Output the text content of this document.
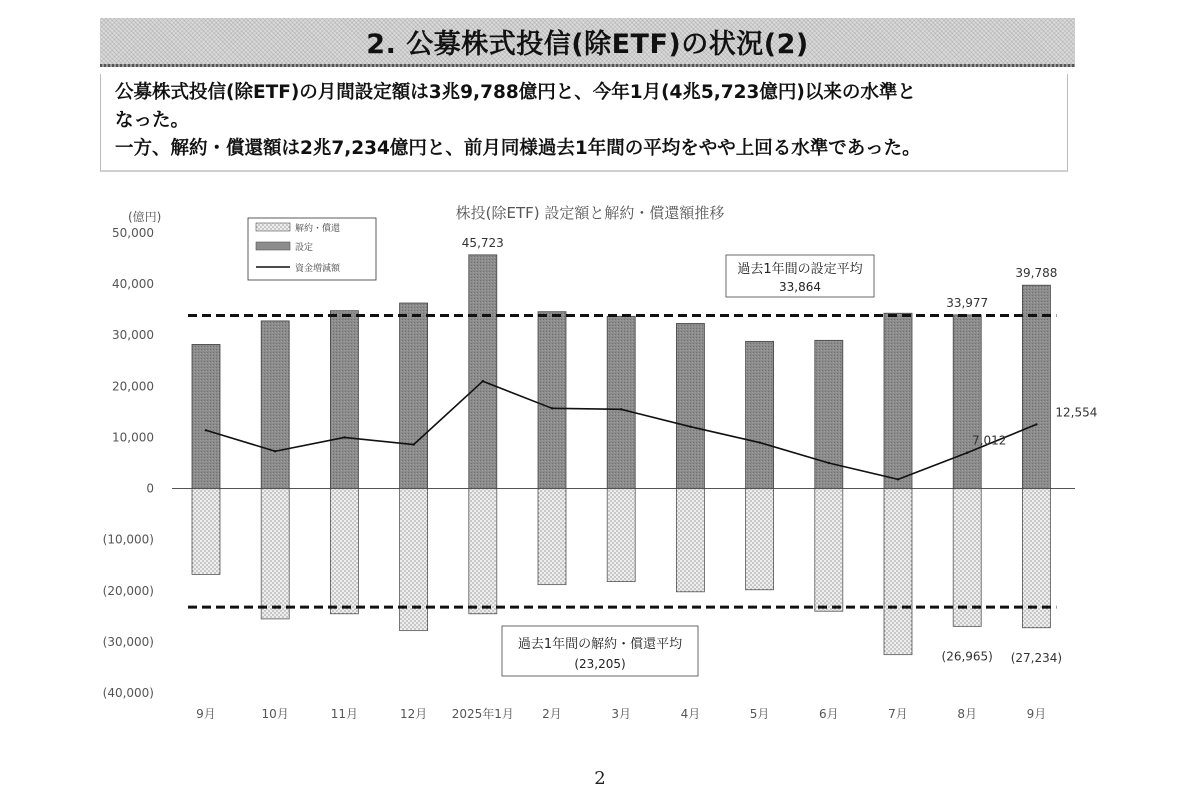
2. 公募株式投信(除ETF)の状況(2)

公募株式投信(除ETF)の月間設定額は3兆9,788億円と、今年1月(4兆5,723億円)以来の水準と

なった。

一方、解約・償還額は2兆7,234億円と、前月同様過去1年間の平均をやや上回る水準であった。

株投(除ETF) 設定額と解約・償還額推移
(億円)
50,000
40,000
30,000
20,000
10,000
0
(10,000)
(20,000)
(30,000)
(40,000)
45,723
33,977
39,788
(26,965) (27,234)
7,012
12,554
9月	10月	11月	12月 2025年1月 2月	3月	4月	5月	6月	7月	8月	9月
解約・償還
設定
資金増減額	過去1年間の設定平均
33,864
過去1年間の解約・償還平均
(23,205)
2
